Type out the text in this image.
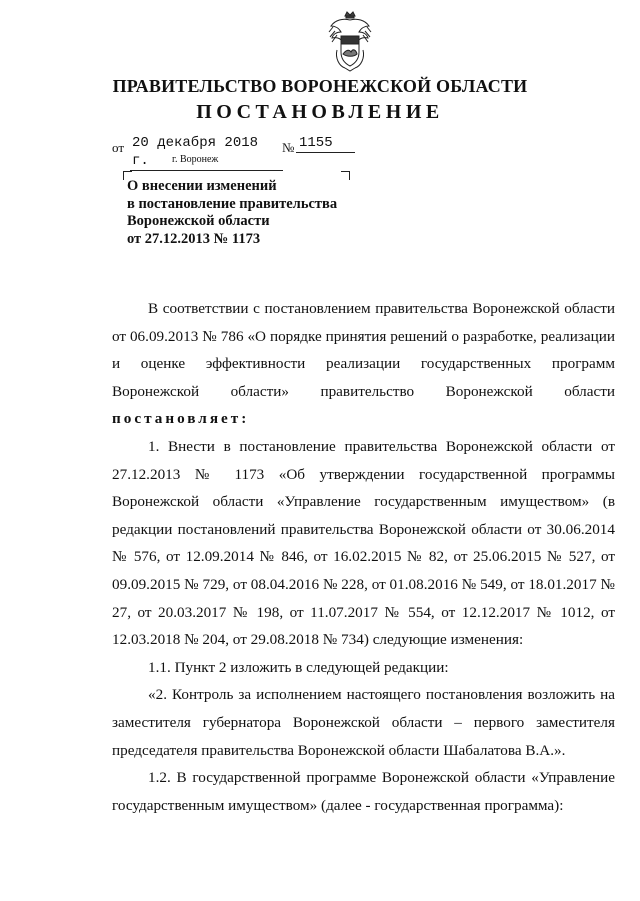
ПРАВИТЕЛЬСТВО ВОРОНЕЖСКОЙ ОБЛАСТИ
ПОСТАНОВЛЕНИЕ
от 20 декабря 2018 г.
№ 1155
г. Воронеж
О внесении изменений
в постановление правительства
Воронежской области
от 27.12.2013 № 1173

В соответствии с постановлением правительства Воронежской области от 06.09.2013 № 786 «О порядке принятия решений о разработке, реализации и оценке эффективности реализации государственных программ Воронежской области» правительство Воронежской области

постановляет:

1. Внести в постановление правительства Воронежской области от 27.12.2013 № 1173 «Об утверждении государственной программы Воронежской области «Управление государственным имуществом» (в редакции постановлений правительства Воронежской области от 30.06.2014 № 576, от 12.09.2014 № 846, от 16.02.2015 № 82, от 25.06.2015 № 527, от 09.09.2015 № 729, от 08.04.2016 № 228, от 01.08.2016 № 549, от 18.01.2017 № 27, от 20.03.2017 № 198, от 11.07.2017 № 554, от 12.12.2017 № 1012, от 12.03.2018 № 204, от 29.08.2018 № 734) следующие изменения:

1.1. Пункт 2 изложить в следующей редакции:

«2. Контроль за исполнением настоящего постановления возложить на заместителя губернатора Воронежской области – первого заместителя председателя правительства Воронежской области Шабалатова В.А.».

1.2. В государственной программе Воронежской области «Управление государственным имуществом» (далее - государственная программа):
